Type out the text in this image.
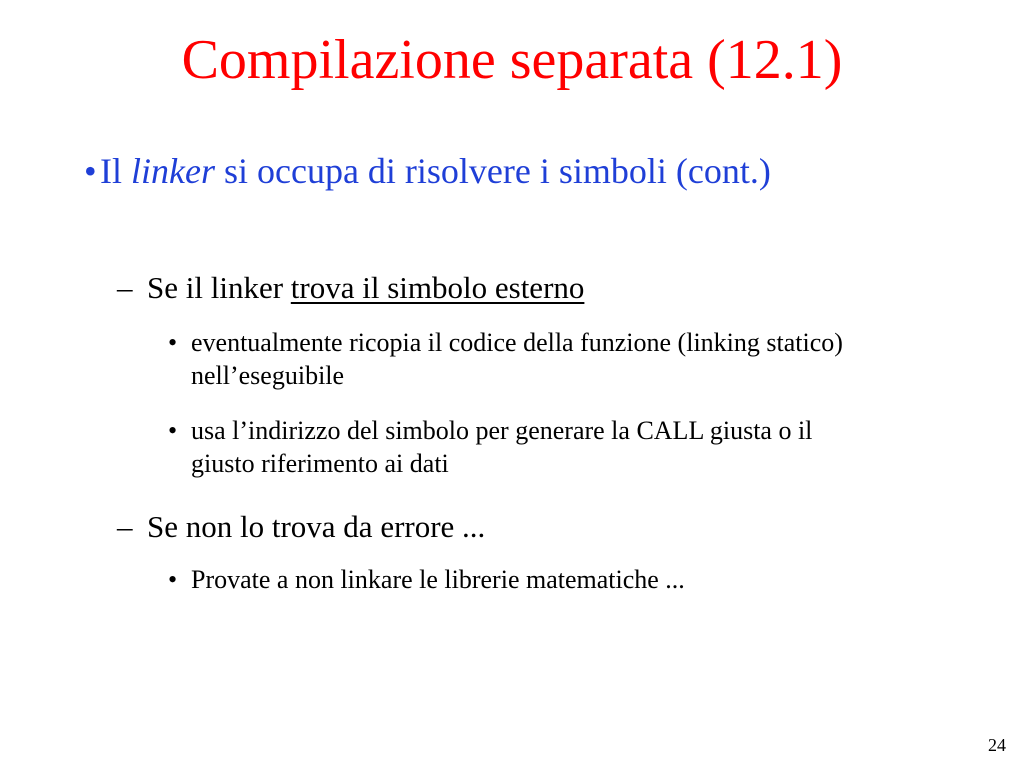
Compilazione separata (12.1)
• Il linker si occupa di risolvere i simboli (cont.)
– Se il linker trova il simbolo esterno
• eventualmente ricopia il codice della funzione (linking statico) nell’eseguibile
• usa l’indirizzo del simbolo per generare la CALL giusta o il giusto riferimento ai dati
– Se non lo trova da errore ...
• Provate a non linkare le librerie matematiche ...
24
